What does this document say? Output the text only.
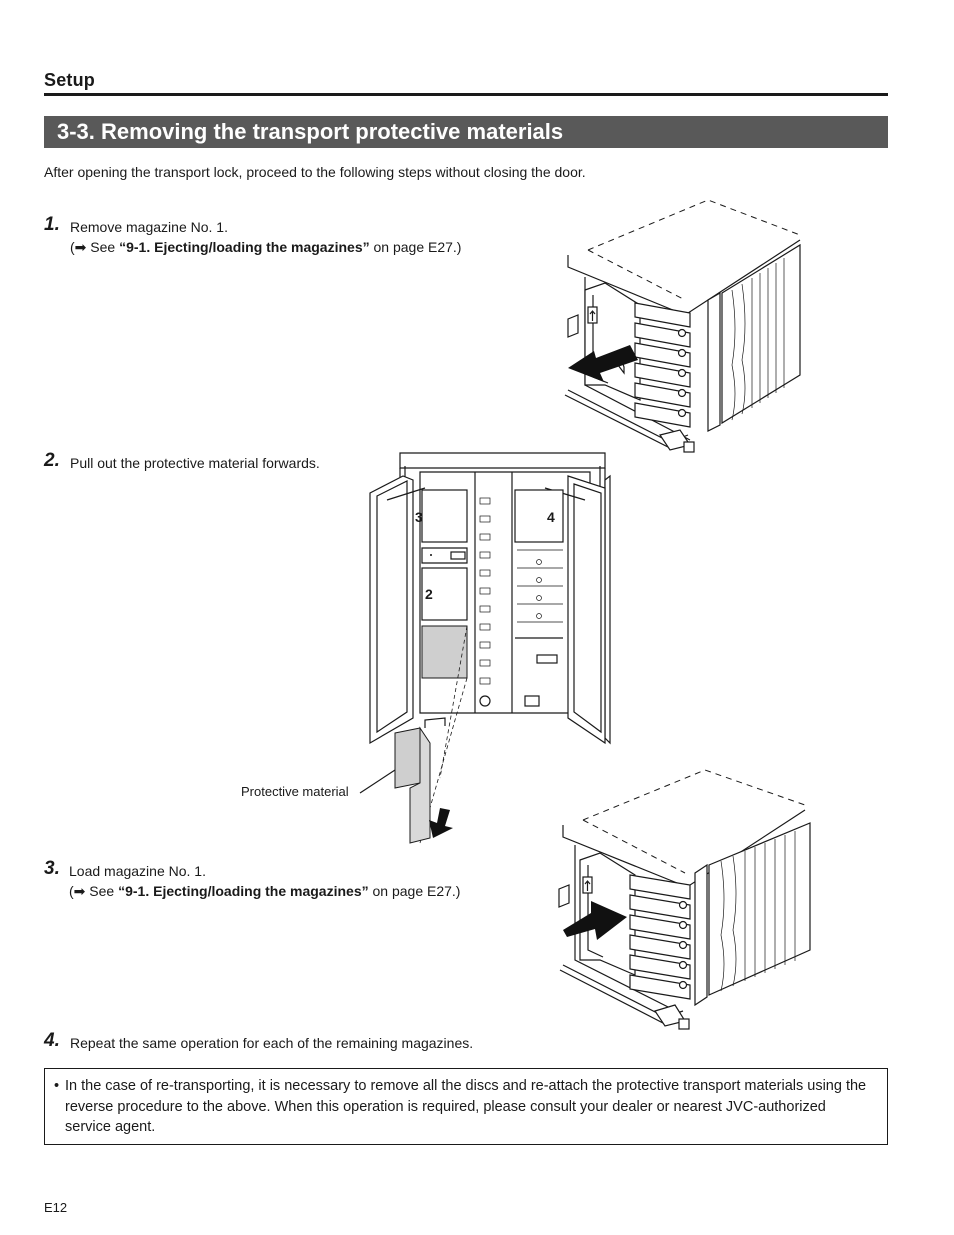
Setup
3-3. Removing the transport protective materials
After opening the transport lock, proceed to the following steps without closing the door.
1. Remove magazine No. 1.
(➡ See “9-1. Ejecting/loading the magazines” on page E27.)
2. Pull out the protective material forwards.
3. Load magazine No. 1.
(➡ See “9-1. Ejecting/loading the magazines” on page E27.)
4. Repeat the same operation for each of the remaining magazines.
3	4
2
Protective material
• In the case of re-transporting, it is necessary to remove all the discs and re-attach the protective transport materials using the reverse procedure to the above. When this operation is required, please consult your dealer or nearest JVC-authorized service agent.
E12
